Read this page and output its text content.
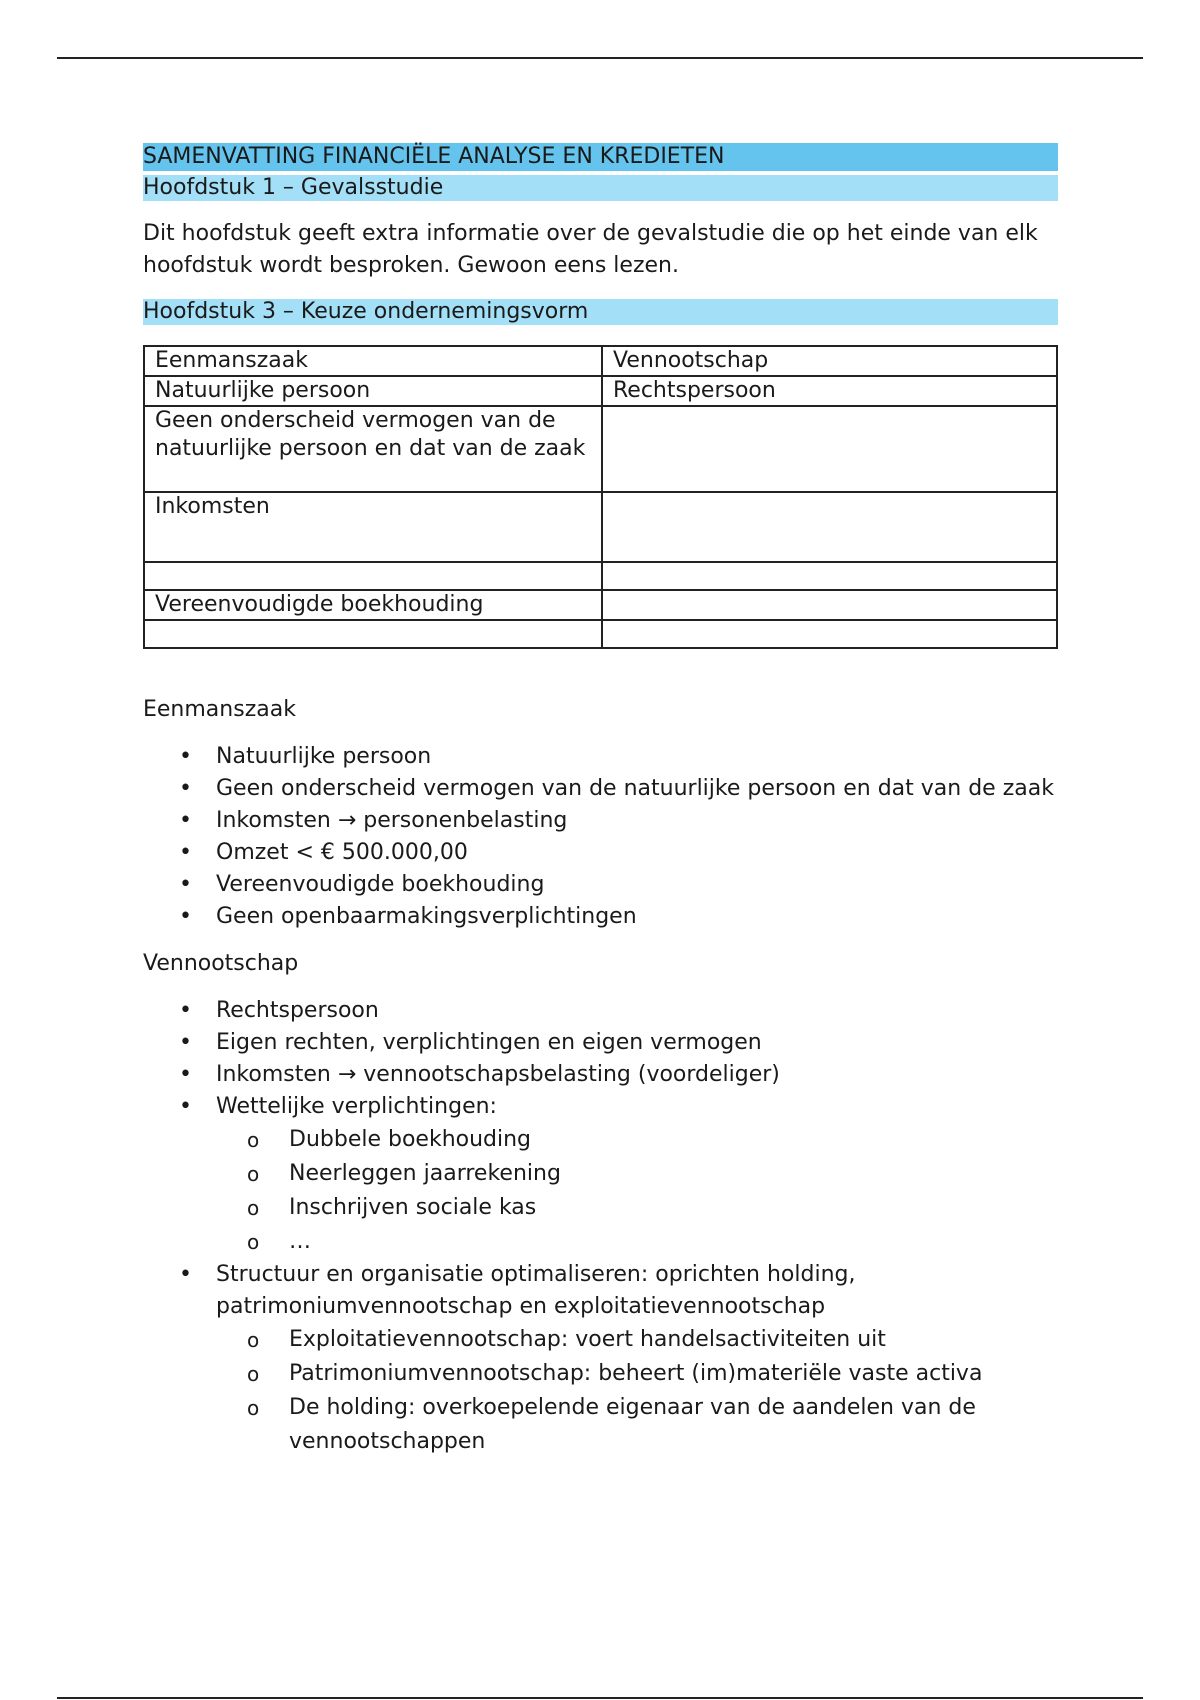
SAMENVATTING FINANCIËLE ANALYSE EN KREDIETEN
Hoofdstuk 1 – Gevalsstudie

Dit hoofdstuk geeft extra informatie over de gevalstudie die op het einde van elk hoofdstuk wordt besproken. Gewoon eens lezen.

Hoofdstuk 3 – Keuze ondernemingsvorm
Eenmanszaak	Vennootschap
Natuurlijke persoon	Rechtspersoon
Geen onderscheid vermogen van de natuurlijke persoon en dat van de zaak	
Inkomsten	

Vereenvoudigde boekhouding	

Eenmanszaak
• Natuurlijke persoon
• Geen onderscheid vermogen van de natuurlijke persoon en dat van de zaak
• Inkomsten → personenbelasting
• Omzet < € 500.000,00
• Vereenvoudigde boekhouding
• Geen openbaarmakingsverplichtingen
Vennootschap
• Rechtspersoon
• Eigen rechten, verplichtingen en eigen vermogen
• Inkomsten → vennootschapsbelasting (voordeliger)
• Wettelijke verplichtingen:
o Dubbele boekhouding
o Neerleggen jaarrekening
o Inschrijven sociale kas
o …
• Structuur en organisatie optimaliseren: oprichten holding, patrimoniumvennootschap en exploitatievennootschap
o Exploitatievennootschap: voert handelsactiviteiten uit
o Patrimoniumvennootschap: beheert (im)materiële vaste activa
o De holding: overkoepelende eigenaar van de aandelen van de vennootschappen
